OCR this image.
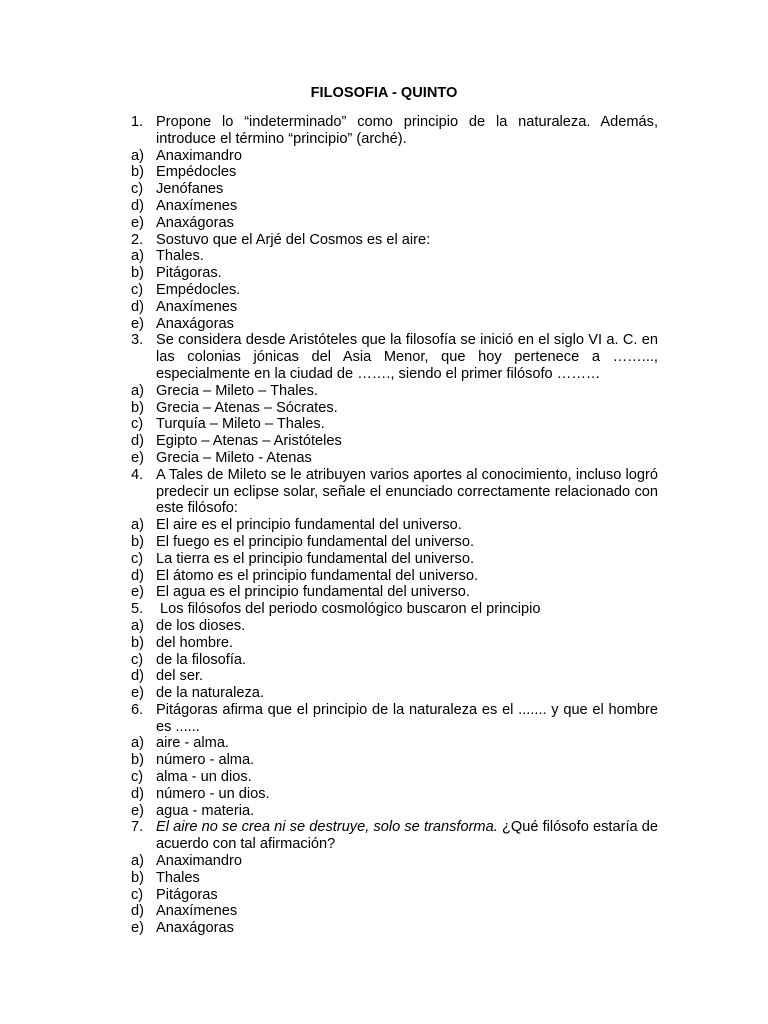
FILOSOFIA - QUINTO
1. Propone lo “indeterminado” como principio de la naturaleza. Además, introduce el término “principio” (arché).
a) Anaximandro
b) Empédocles
c) Jenófanes
d) Anaxímenes
e) Anaxágoras
2. Sostuvo que el Arjé del Cosmos es el aire:
a) Thales.
b) Pitágoras.
c) Empédocles.
d) Anaxímenes
e) Anaxágoras
3. Se considera desde Aristóteles que la filosofía se inició en el siglo VI a. C. en las colonias jónicas del Asia Menor, que hoy pertenece a ……..., especialmente en la ciudad de ……., siendo el primer filósofo ………
a) Grecia – Mileto – Thales.
b) Grecia – Atenas – Sócrates.
c) Turquía – Mileto – Thales.
d) Egipto – Atenas – Aristóteles
e) Grecia – Mileto - Atenas
4. A Tales de Mileto se le atribuyen varios aportes al conocimiento, incluso logró predecir un eclipse solar, señale el enunciado correctamente relacionado con este filósofo:
a) El aire es el principio fundamental del universo.
b) El fuego es el principio fundamental del universo.
c) La tierra es el principio fundamental del universo.
d) El átomo es el principio fundamental del universo.
e) El agua es el principio fundamental del universo.
5.	Los filósofos del periodo cosmológico buscaron el principio
a) de los dioses.
b) del hombre.
c) de la filosofía.
d) del ser.
e) de la naturaleza.
6. Pitágoras afirma que el principio de la naturaleza es el ....... y que el hombre es ......
a) aire - alma.
b) número - alma.
c) alma - un dios.
d) número - un dios.
e) agua - materia.
7. El aire no se crea ni se destruye, solo se transforma. ¿Qué filósofo estaría de acuerdo con tal afirmación?
a) Anaximandro
b) Thales
c) Pitágoras
d) Anaxímenes
e) Anaxágoras
